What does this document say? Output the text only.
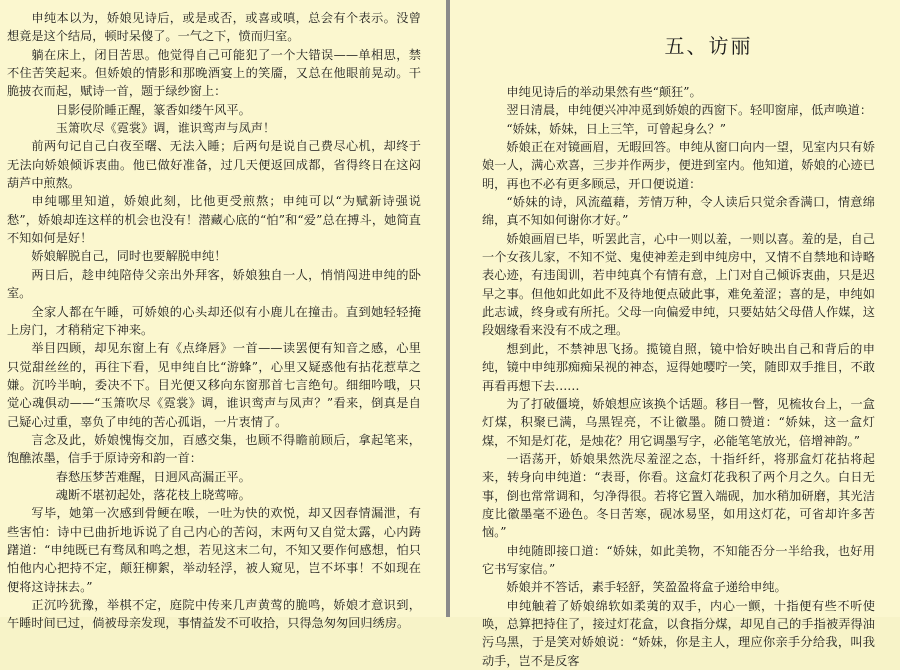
申纯本以为，娇娘见诗后，或是或否，或喜或嗔，总会有个表示。没曾想竟是这个结局，顿时呆傻了。一气之下，愤而归室。

躺在床上，闭目苦思。他觉得自己可能犯了一个大错误——单相思，禁不住苦笑起来。但娇娘的情影和那晚酒宴上的笑靥，又总在他眼前晃动。干脆披衣而起，赋诗一首，题于绿纱窗上：

日影侵阶睡正醒，篆香如缕午风平。

玉箫吹尽《霓裳》调，谁识鸾声与凤声！

前两句记自己白夜至曙、无法入睡；后两句是说自己费尽心机，却终于无法向娇娘倾诉衷曲。他已做好准备，过几天便返回成都，省得终日在这闷葫芦中煎熬。

申纯哪里知道，娇娘此刻，比他更受煎熬；申纯可以“为赋新诗强说愁”，娇娘却连这样的机会也没有！潜藏心底的“怕”和“爱”总在搏斗，她简直不知如何是好！

娇娘解脱自己，同时也要解脱申纯！

两日后，趁申纯陪侍父亲出外拜客，娇娘独自一人，悄悄闯进申纯的卧室。

全家人都在午睡，可娇娘的心头却还似有小鹿儿在撞击。直到她轻轻掩上房门，才稍稍定下神来。

举目四顾，却见东窗上有《点绛唇》一首——读罢便有知音之感，心里只觉甜丝丝的，再往下看，见申纯自比“游蜂”，心里又疑惑他有拈花惹草之嫌。沉吟半晌，委决不下。目光便又移向东窗那首七言绝句。细细吟哦，只觉心魂俱动——“玉箫吹尽《霓裳》调，谁识鸾声与凤声？”看来，倒真是自己疑心过重，辜负了申纯的苦心孤诣，一片衷情了。

言念及此，娇娘愧悔交加，百感交集，也顾不得瞻前顾后，拿起笔来，饱醮浓墨，信手于原诗旁和韵一首：

春愁压梦苦难醒，日迥风高漏正平。

魂断不堪初起处，落花枝上晓莺啼。

写毕，她第一次感到骨鲠在喉，一吐为快的欢悦，却又因春情漏泄，有些害怕：诗中已曲折地诉说了自己内心的苦闷，末两句又自觉太露，心内踌躇道：“申纯既已有骛凤和鸣之想，若见这末二句，不知又要作何感想，怕只怕他内心把持不定，颠狂柳絮，举动轻浮，被人窥见，岂不坏事！不如现在便将这诗抹去。”

正沉吟犹豫，举棋不定，庭院中传来几声黄莺的脆鸣，娇娘才意识到，午睡时间已过，倘被母亲发现，事情益发不可收拾，只得急匆匆回归绣房。

五、访丽

申纯见诗后的举动果然有些“颠狂”。

翌日清晨，申纯便兴冲冲觅到娇娘的西窗下。轻叩窗扉，低声唤道：

“娇妹，娇妹，日上三竿，可曾起身么？”

娇娘正在对镜画眉，无暇回答。申纯从窗口向内一望，见室内只有娇娘一人，满心欢喜，三步并作两步，便进到室内。他知道，娇娘的心迹已明，再也不必有更多顾忌，开口便说道：

“娇妹的诗，风流蕴藉，芳情万种，令人读后只觉余香满口，情意绵绵，真不知如何谢你才好。”

娇娘画眉已毕，听罢此言，心中一则以羞，一则以喜。羞的是，自己一个女孩儿家，不知不觉、鬼使神差走到申纯房中，又情不自禁地和诗略表心迹，有违闺训，若申纯真个有情有意，上门对自己倾诉衷曲，只是迟早之事。但他如此如此不及待地便点破此事，难免羞涩；喜的是，申纯如此志诚，终身或有所托。父母一向偏爱申纯，只要姑姑父母借人作媒，这段姻缘看来没有不成之理。

想到此，不禁神思飞扬。揽镜自照，镜中恰好映出自己和背后的申纯，镜中申纯那痴痴呆视的神态，逗得她嘤咛一笑，随即双手推目，不敢再看再想下去……

为了打破僵境，娇娘想应该换个话题。移目一瞥，见梳妆台上，一盒灯煤，积聚已满，乌黑锃亮，不让徽墨。随口赞道：“娇妹，这一盒灯煤，不知是灯花，是烛花？用它调墨写字，必能笔笔放光，倍增神韵。”

一语荡开，娇娘果然洗尽羞涩之态，十指纤纤，将那盒灯花拈将起来，转身向申纯道：“表哥，你看。这盒灯花我积了两个月之久。白日无事，倒也常常调和，匀净得很。若将它置入端砚，加水稍加研磨，其光洁度比徽墨毫不逊色。冬日苦寒，砚冰易坚，如用这灯花，可省却许多苦恼。”

申纯随即接口道：“娇妹，如此美物，不知能否分一半给我，也好用它书写家信。”

娇娘并不答话，素手轻舒，笑盈盈将盒子递给申纯。

申纯触着了娇娘绵软如柔荑的双手，内心一颤，十指便有些不听使唤，总算把持住了，接过灯花盒，以食指分煤，却见自己的手指被弄得油污乌黑，于是笑对娇娘说：“娇妹，你是主人，理应你亲手分给我，叫我动手，岂不是反客
